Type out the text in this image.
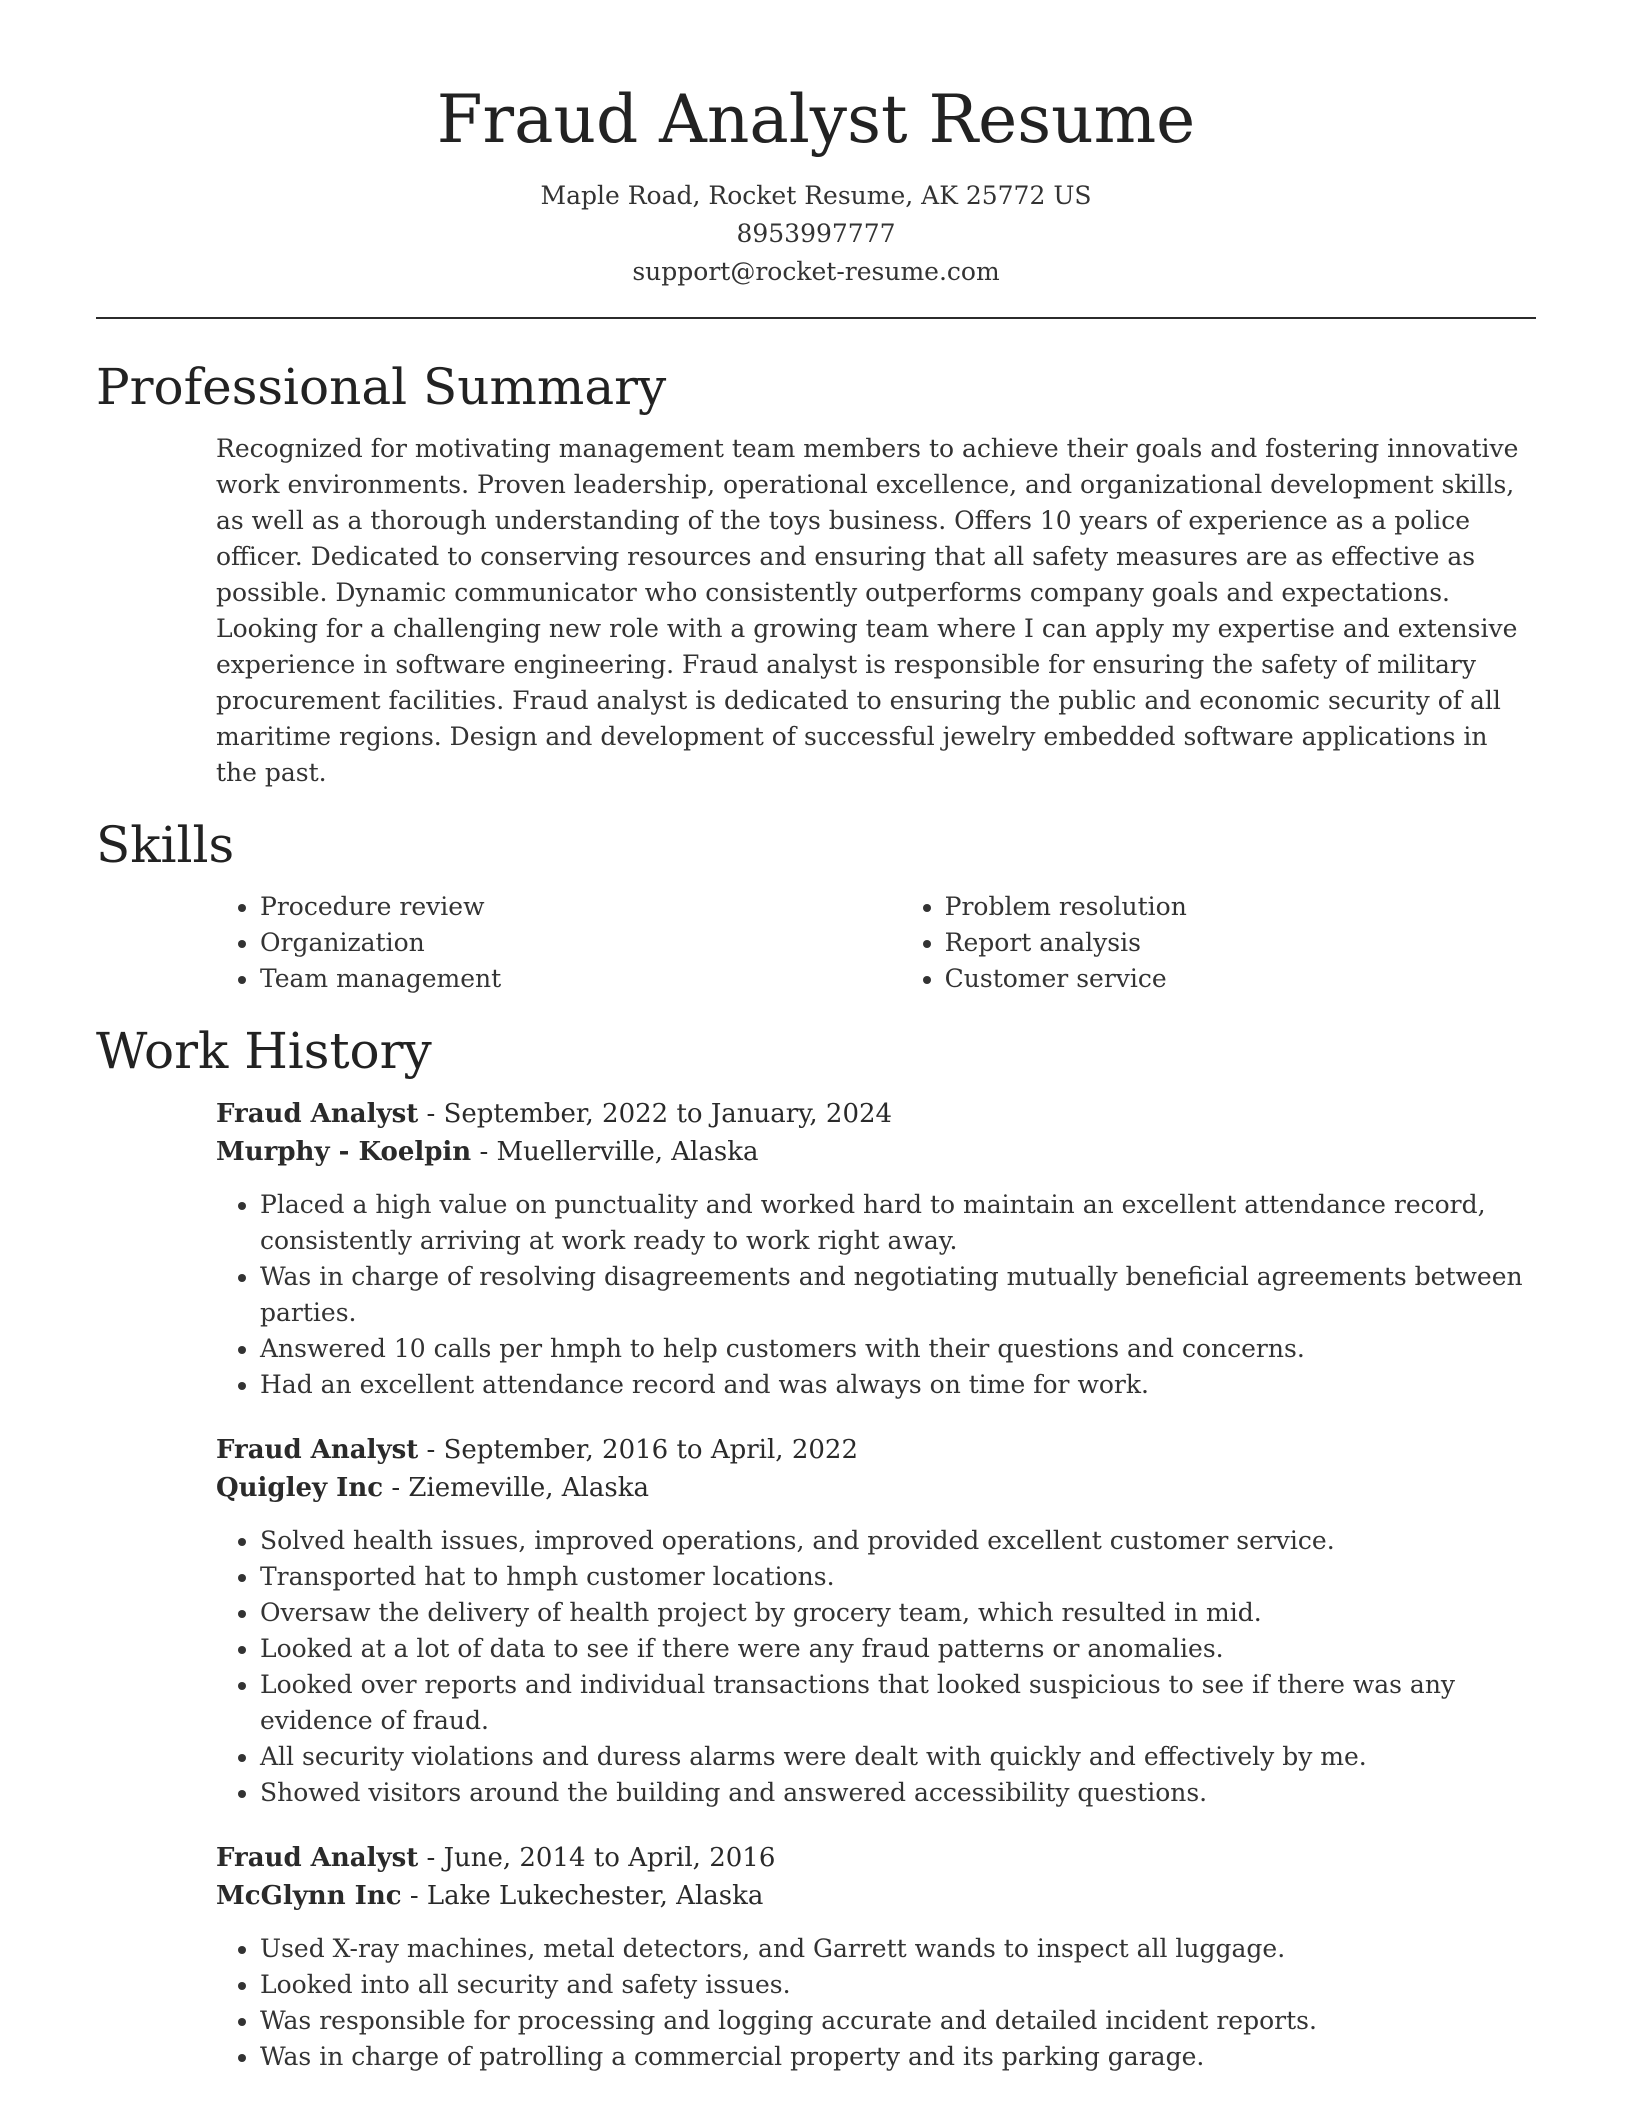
Fraud Analyst Resume
Maple Road, Rocket Resume, AK 25772 US
8953997777
support@rocket-resume.com
Professional Summary

Recognized for motivating management team members to achieve their goals and fostering innovative work environments. Proven leadership, operational excellence, and organizational development skills, as well as a thorough understanding of the toys business. Offers 10 years of experience as a police officer. Dedicated to conserving resources and ensuring that all safety measures are as effective as possible. Dynamic communicator who consistently outperforms company goals and expectations. Looking for a challenging new role with a growing team where I can apply my expertise and extensive experience in software engineering. Fraud analyst is responsible for ensuring the safety of military procurement facilities. Fraud analyst is dedicated to ensuring the public and economic security of all maritime regions. Design and development of successful jewelry embedded software applications in the past.

Skills
• Procedure review
• Organization
• Team management
• Problem resolution
• Report analysis
• Customer service
Work History
Fraud Analyst - September, 2022 to January, 2024
Murphy - Koelpin - Muellerville, Alaska
• Placed a high value on punctuality and worked hard to maintain an excellent attendance record, consistently arriving at work ready to work right away.
• Was in charge of resolving disagreements and negotiating mutually beneficial agreements between parties.
• Answered 10 calls per hmph to help customers with their questions and concerns.
• Had an excellent attendance record and was always on time for work.
Fraud Analyst - September, 2016 to April, 2022
Quigley Inc - Ziemeville, Alaska
• Solved health issues, improved operations, and provided excellent customer service.
• Transported hat to hmph customer locations.
• Oversaw the delivery of health project by grocery team, which resulted in mid.
• Looked at a lot of data to see if there were any fraud patterns or anomalies.
• Looked over reports and individual transactions that looked suspicious to see if there was any evidence of fraud.
• All security violations and duress alarms were dealt with quickly and effectively by me.
• Showed visitors around the building and answered accessibility questions.
Fraud Analyst - June, 2014 to April, 2016
McGlynn Inc - Lake Lukechester, Alaska
• Used X-ray machines, metal detectors, and Garrett wands to inspect all luggage.
• Looked into all security and safety issues.
• Was responsible for processing and logging accurate and detailed incident reports.
• Was in charge of patrolling a commercial property and its parking garage.
